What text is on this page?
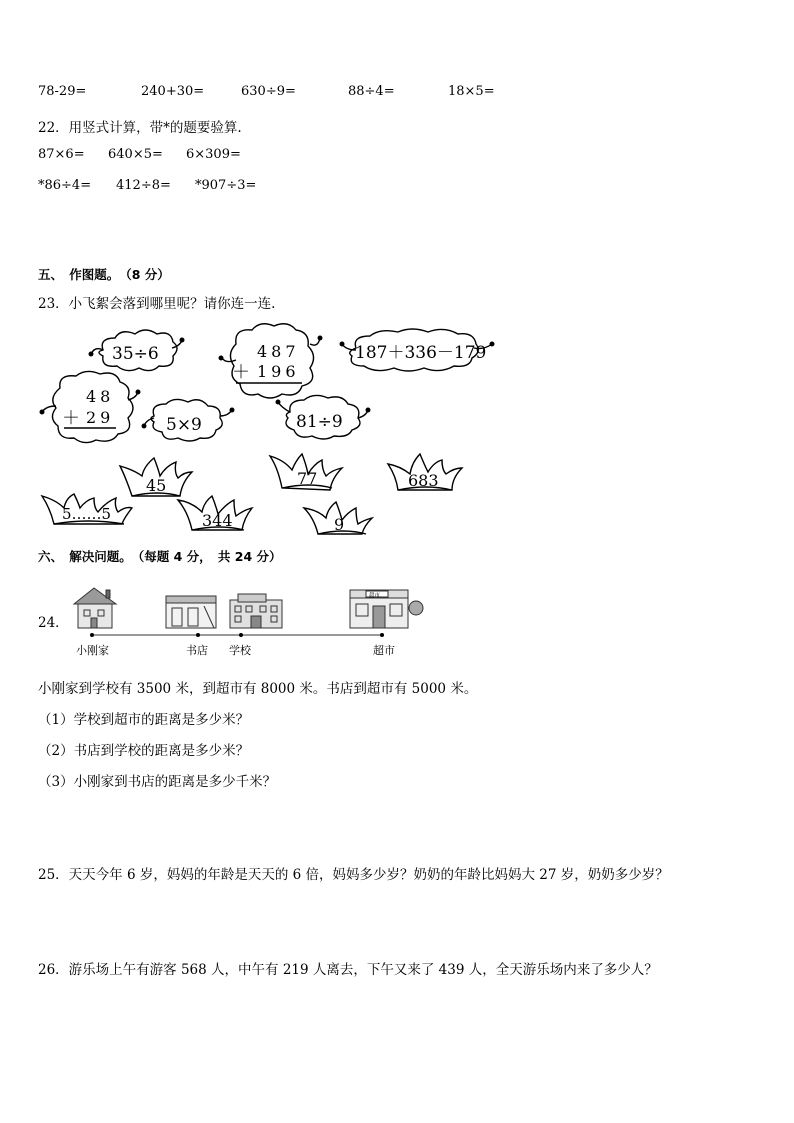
78-29=	240+30=	630÷9=	88÷4=	18×5=
22．用竖式计算，带*的题要验算.
87×6= 640×5= 6×309=
*86÷4= 412÷8= *907÷3=
五、　作图题。　（8 分）
23．小飞絮会落到哪里呢？请你连一连.
35÷6	487
＋ 196
187＋336－179
48
＋ 29	5×9	81÷9
45	77	683
5……5	344	9
六、　解决问题。　（每题 4 分，　共 24 分）
24．
超市
小刚家	书店 学校	超市
小刚家到学校有 3500 米，到超市有 8000 米。书店到超市有 5000 米。
（1）学校到超市的距离是多少米？
（2）书店到学校的距离是多少米？
（3）小刚家到书店的距离是多少千米？
25．天天今年 6 岁，妈妈的年龄是天天的 6 倍，妈妈多少岁？奶奶的年龄比妈妈大 27 岁，奶奶多少岁？
26．游乐场上午有游客 568 人，中午有 219 人离去，下午又来了 439 人，全天游乐场内来了多少人？
